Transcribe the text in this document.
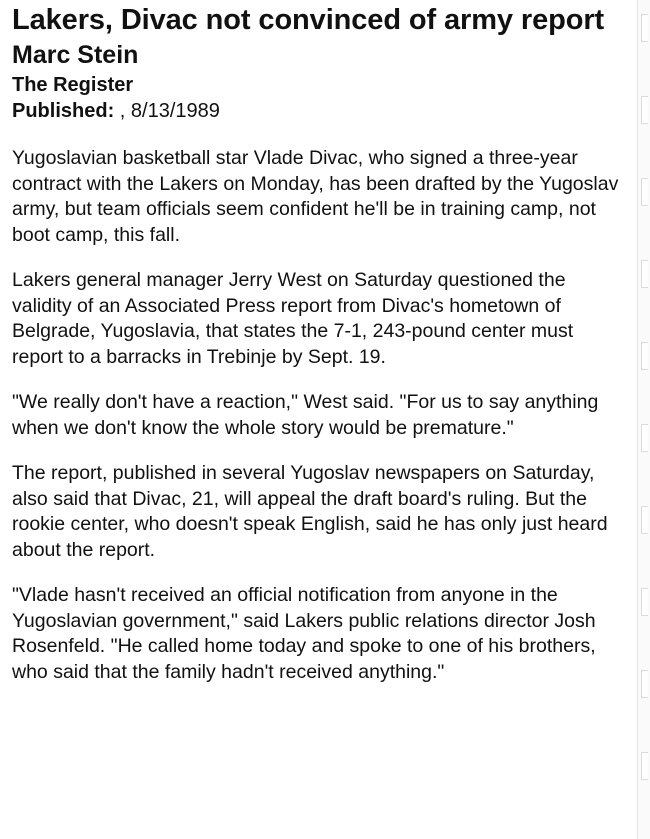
Lakers, Divac not convinced of army report
Marc Stein
The Register
Published: , 8/13/1989

Yugoslavian basketball star Vlade Divac, who signed a three-year contract with the Lakers on Monday, has been drafted by the Yugoslav army, but team officials seem confident he'll be in training camp, not boot camp, this fall.

Lakers general manager Jerry West on Saturday questioned the validity of an Associated Press report from Divac's hometown of Belgrade, Yugoslavia, that states the 7-1, 243-pound center must report to a barracks in Trebinje by Sept. 19.

"We really don't have a reaction," West said. "For us to say anything when we don't know the whole story would be premature."

The report, published in several Yugoslav newspapers on Saturday, also said that Divac, 21, will appeal the draft board's ruling. But the rookie center, who doesn't speak English, said he has only just heard about the report.

"Vlade hasn't received an official notification from anyone in the Yugoslavian government," said Lakers public relations director Josh Rosenfeld. "He called home today and spoke to one of his brothers, who said that the family hadn't received anything."
